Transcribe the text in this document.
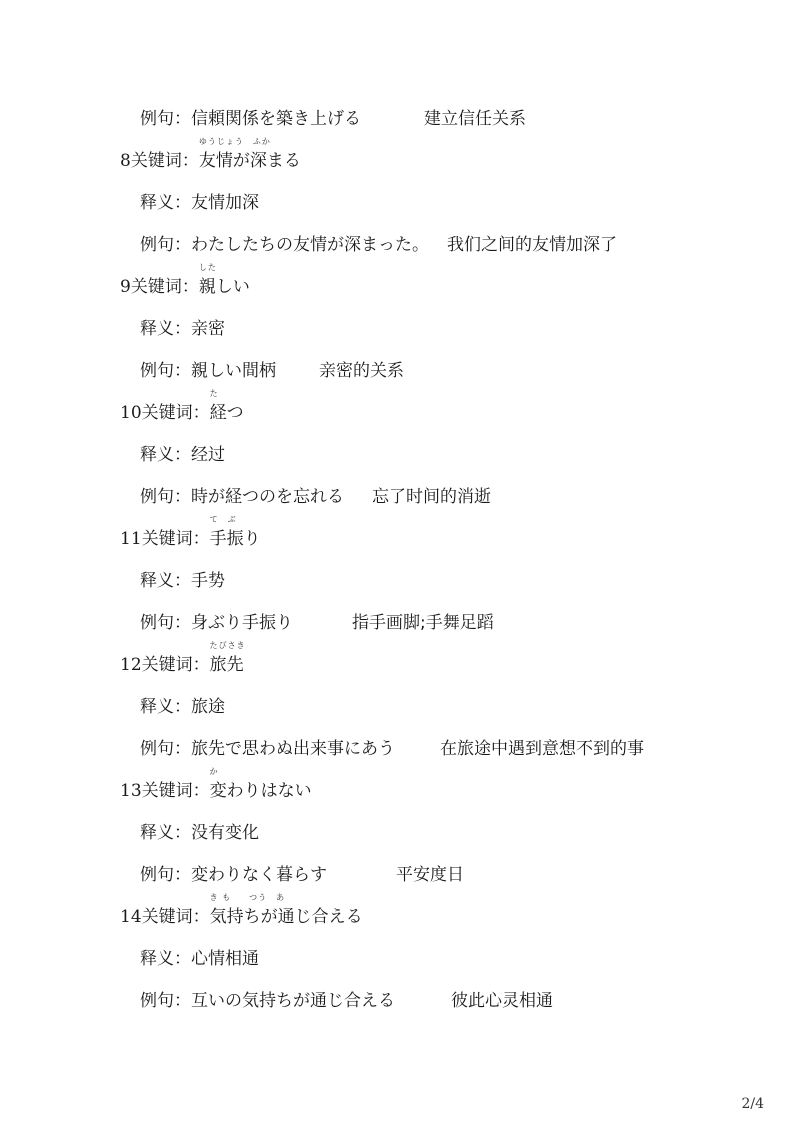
例句：信頼関係を築き上げる	建立信任关系
8关键词：
ゆうじょう　ふか
友情が深まる
释义：友情加深
例句：わたしたちの友情が深まった。 我们之间的友情加深了
9关键词：
した
親しい
释义：亲密
例句：親しい間柄	亲密的关系
10关键词：
た
経つ
释义：经过
例句：時が経つのを忘れる 忘了时间的消逝
11关键词：
て　ぶ
手振り
释义：手势
例句：身ぶり手振り	指手画脚;手舞足蹈
12关键词：
たびさき
旅先
释义：旅途
例句：旅先で思わぬ出来事にあう	在旅途中遇到意想不到的事
13关键词：
か
変わりはない
释义：没有变化
例句：変わりなく暮らす	平安度日
14关键词：
き も　　つう　あ
気持ちが通じ合える
释义：心情相通
例句：互いの気持ちが通じ合える	彼此心灵相通
2/4
